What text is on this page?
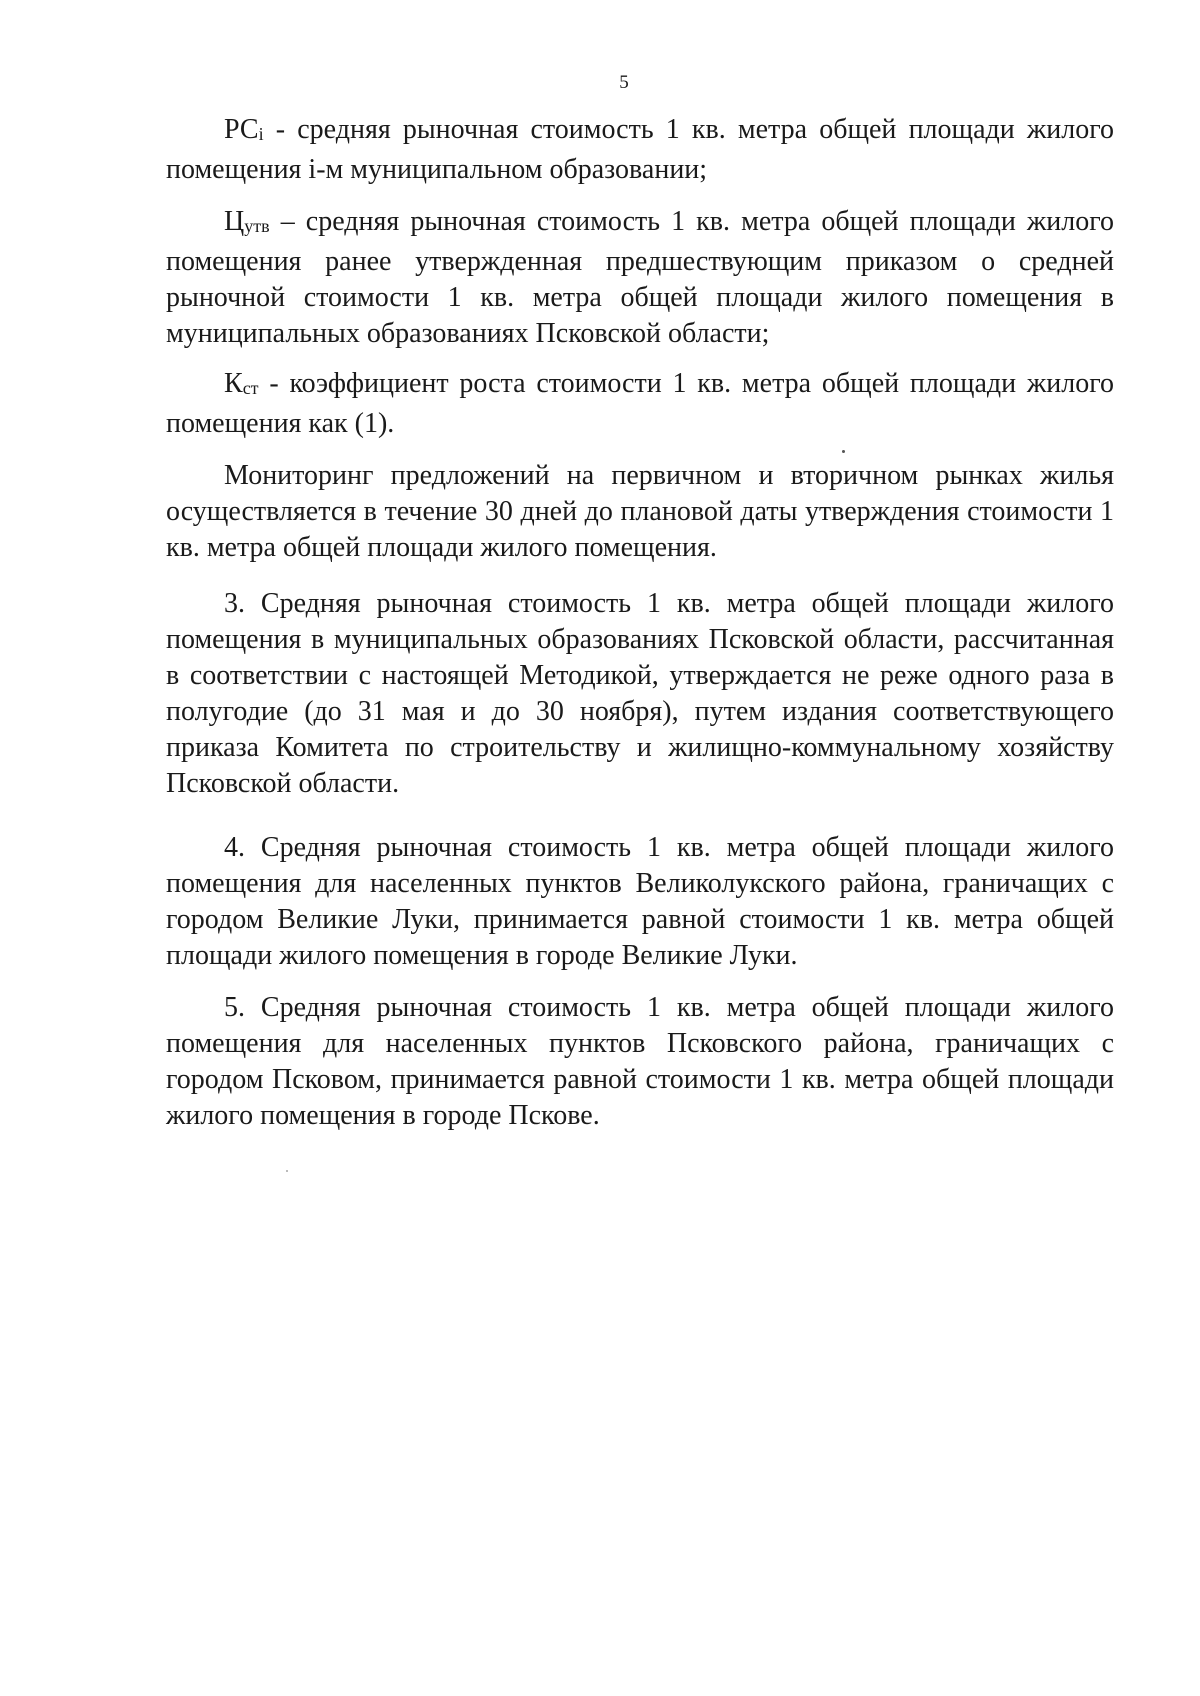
5

РСi - средняя рыночная стоимость 1 кв. метра общей площади жилого помещения i-м муниципальном образовании;

Цутв – средняя рыночная стоимость 1 кв. метра общей площади жилого помещения ранее утвержденная предшествующим приказом о средней рыночной стоимости 1 кв. метра общей площади жилого помещения в муниципальных образованиях Псковской области;

Кст - коэффициент роста стоимости 1 кв. метра общей площади жилого помещения как (1).

Мониторинг предложений на первичном и вторичном рынках жилья осуществляется в течение 30 дней до плановой даты утверждения стоимости 1 кв. метра общей площади жилого помещения.

3. Средняя рыночная стоимость 1 кв. метра общей площади жилого помещения в муниципальных образованиях Псковской области, рассчитанная в соответствии с настоящей Методикой, утверждается не реже одного раза в полугодие (до 31 мая и до 30 ноября), путем издания соответствующего приказа Комитета по строительству и жилищно-коммунальному хозяйству Псковской области.

4. Средняя рыночная стоимость 1 кв. метра общей площади жилого помещения для населенных пунктов Великолукского района, граничащих с городом Великие Луки, принимается равной стоимости 1 кв. метра общей площади жилого помещения в городе Великие Луки.

5. Средняя рыночная стоимость 1 кв. метра общей площади жилого помещения для населенных пунктов Псковского района, граничащих с городом Псковом, принимается равной стоимости 1 кв. метра общей площади жилого помещения в городе Пскове.
